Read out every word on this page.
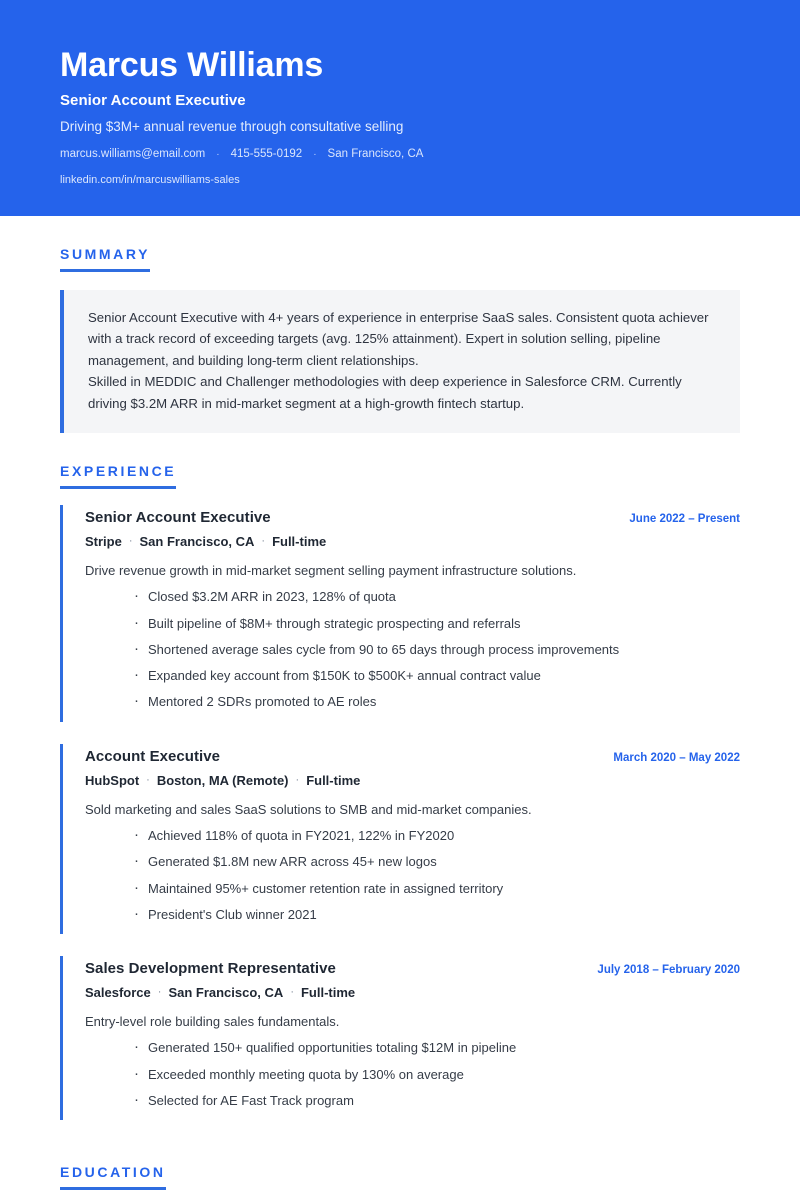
Marcus Williams
Senior Account Executive
Driving $3M+ annual revenue through consultative selling
marcus.williams@email.com · 415-555-0192 · San Francisco, CA
linkedin.com/in/marcuswilliams-sales
SUMMARY

Senior Account Executive with 4+ years of experience in enterprise SaaS sales. Consistent quota achiever with a track record of exceeding targets (avg. 125% attainment). Expert in solution selling, pipeline management, and building long-term client relationships.

Skilled in MEDDIC and Challenger methodologies with deep experience in Salesforce CRM. Currently driving $3.2M ARR in mid-market segment at a high-growth fintech startup.

EXPERIENCE
Senior Account Executive	June 2022 – Present
Stripe · San Francisco, CA · Full-time

Drive revenue growth in mid-market segment selling payment infrastructure solutions.

· Closed $3.2M ARR in 2023, 128% of quota
· Built pipeline of $8M+ through strategic prospecting and referrals
· Shortened average sales cycle from 90 to 65 days through process improvements
· Expanded key account from $150K to $500K+ annual contract value
· Mentored 2 SDRs promoted to AE roles
Account Executive	March 2020 – May 2022
HubSpot · Boston, MA (Remote) · Full-time

Sold marketing and sales SaaS solutions to SMB and mid-market companies.

· Achieved 118% of quota in FY2021, 122% in FY2020
· Generated $1.8M new ARR across 45+ new logos
· Maintained 95%+ customer retention rate in assigned territory
· President's Club winner 2021
Sales Development Representative	July 2018 – February 2020
Salesforce · San Francisco, CA · Full-time

Entry-level role building sales fundamentals.

· Generated 150+ qualified opportunities totaling $12M in pipeline
· Exceeded monthly meeting quota by 130% on average
· Selected for AE Fast Track program
EDUCATION
